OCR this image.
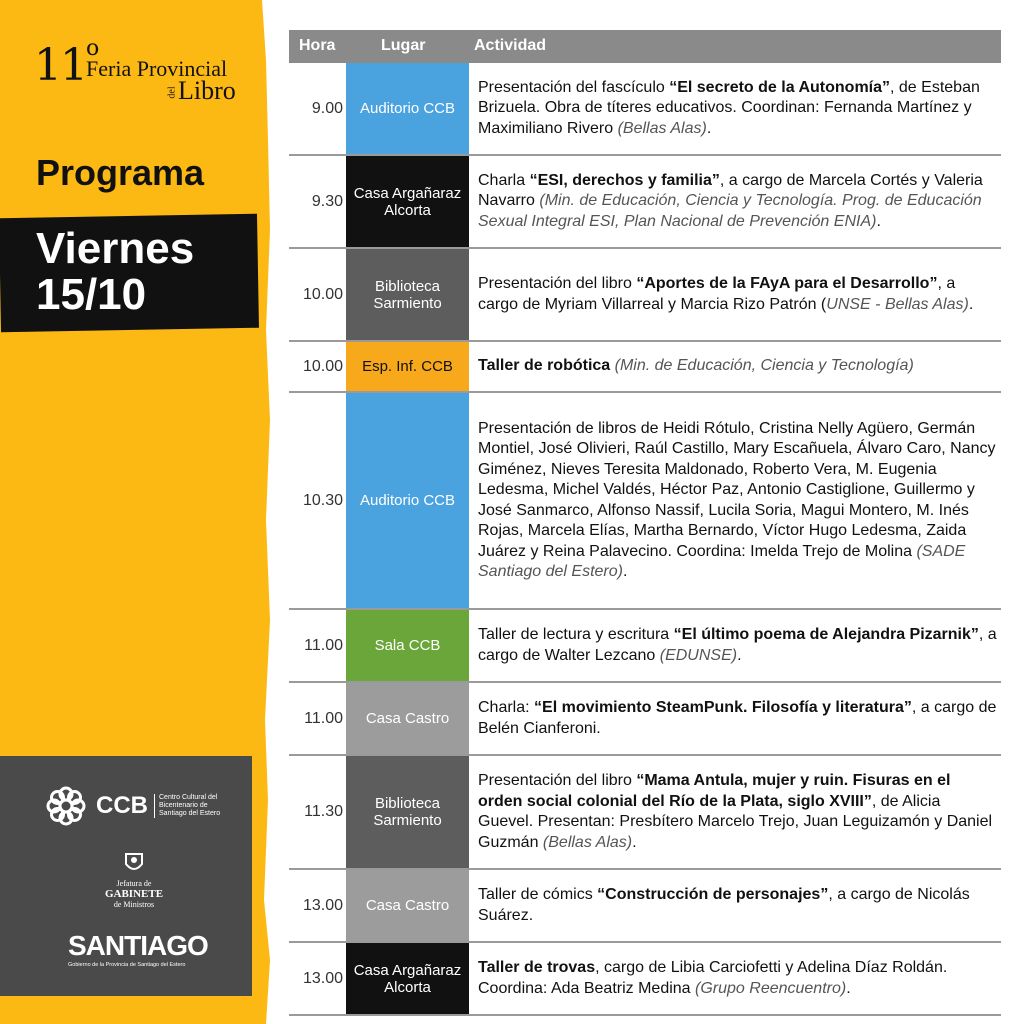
11$^o$
Feria Provincial
del Libro
Programa
Viernes
15/10
CCB	Centro Cultural del Bicentenario de Santiago del Estero
Jefatura de
GABINETE
de Ministros
SANTIAGO
Gobierno de la Provincia de Santiago del Estero
Hora	Lugar	Actividad
9.00	Auditorio CCB
Presentación del fascículo “El secreto de la Autonomía”, de Esteban Brizuela. Obra de títeres educativos. Coordinan: Fernanda Martínez y Maximiliano Rivero (Bellas Alas).
9.30 Casa Argañaraz Alcorta
Charla “ESI, derechos y familia”, a cargo de Marcela Cortés y Valeria Navarro (Min. de Educación, Ciencia y Tecnología. Prog. de Educación Sexual Integral ESI, Plan Nacional de Prevención ENIA).
10.00	Biblioteca Sarmiento
Presentación del libro “Aportes de la FAyA para el Desarrollo”, a cargo de Myriam Villarreal y Marcia Rizo Patrón (UNSE - Bellas Alas).
10.00	Esp. Inf. CCB	Taller de robótica (Min. de Educación, Ciencia y Tecnología)
10.30	Auditorio CCB
Presentación de libros de Heidi Rótulo, Cristina Nelly Agüero, Germán Montiel, José Olivieri, Raúl Castillo, Mary Escañuela, Álvaro Caro, Nancy Giménez, Nieves Teresita Maldonado, Roberto Vera, M. Eugenia Ledesma, Michel Valdés, Héctor Paz, Antonio Castiglione, Guillermo y José Sanmarco, Alfonso Nassif, Lucila Soria, Magui Montero, M. Inés Rojas, Marcela Elías, Martha Bernardo, Víctor Hugo Ledesma, Zaida Juárez y Reina Palavecino. Coordina: Imelda Trejo de Molina (SADE Santiago del Estero).
11.00	Sala CCB
Taller de lectura y escritura “El último poema de Alejandra Pizarnik”, a cargo de Walter Lezcano (EDUNSE).
11.00	Casa Castro
Charla: “El movimiento SteamPunk. Filosofía y literatura”, a cargo de Belén Cianferoni.
11.30	Biblioteca Sarmiento
Presentación del libro “Mama Antula, mujer y ruin. Fisuras en el orden social colonial del Río de la Plata, siglo XVIII”, de Alicia Guevel. Presentan: Presbítero Marcelo Trejo, Juan Leguizamón y Daniel Guzmán (Bellas Alas).
13.00	Casa Castro
Taller de cómics “Construcción de personajes”, a cargo de Nicolás Suárez.
13.00 Casa Argañaraz Alcorta
Taller de trovas, cargo de Libia Carciofetti y Adelina Díaz Roldán. Coordina: Ada Beatriz Medina (Grupo Reencuentro).
